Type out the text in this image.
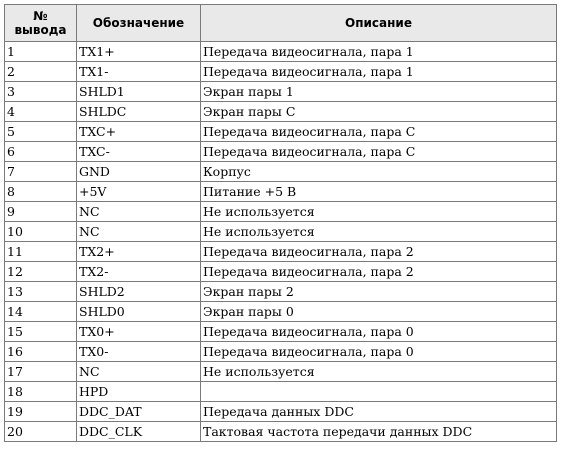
№
вывода	Обозначение	Описание
1	TX1+	Передача видеосигнала, пара 1
2	TX1-	Передача видеосигнала, пара 1
3	SHLD1	Экран пары 1
4	SHLDC	Экран пары С
5	TXC+	Передача видеосигнала, пара С
6	TXC-	Передача видеосигнала, пара С
7	GND	Корпус
8	+5V	Питание +5 В
9	NC	Не используется
10	NC	Не используется
11	TX2+	Передача видеосигнала, пара 2
12	TX2-	Передача видеосигнала, пара 2
13	SHLD2	Экран пары 2
14	SHLD0	Экран пары 0
15	TX0+	Передача видеосигнала, пара 0
16	TX0-	Передача видеосигнала, пара 0
17	NC	Не используется
18	HPD	
19	DDC_DAT	Передача данных DDC
20	DDC_CLK	Тактовая частота передачи данных DDC
